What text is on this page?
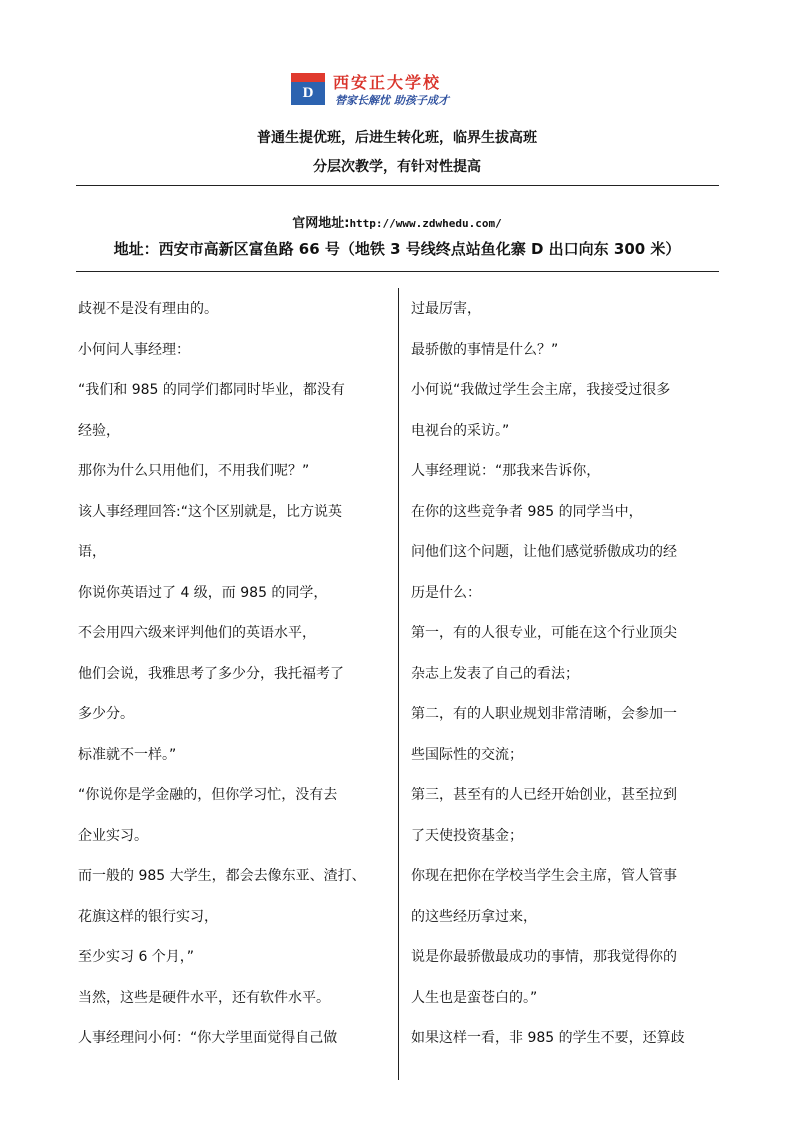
D
西安正大学校
替家长解忧 助孩子成才
普通生提优班，后进生转化班，临界生拔高班
分层次教学，有针对性提高
官网地址:http://www.zdwhedu.com/
地址：西安市高新区富鱼路 66 号（地铁 3 号线终点站鱼化寨 D 出口向东 300 米）

歧视不是没有理由的。

小何问人事经理：

“我们和 985 的同学们都同时毕业，都没有

经验，

那你为什么只用他们，不用我们呢？”

该人事经理回答:“这个区别就是，比方说英

语，

你说你英语过了 4 级，而 985 的同学，

不会用四六级来评判他们的英语水平，

他们会说，我雅思考了多少分，我托福考了

多少分。

标准就不一样。”

“你说你是学金融的，但你学习忙，没有去

企业实习。

而一般的 985 大学生，都会去像东亚、渣打、

花旗这样的银行实习，

至少实习 6 个月，”

当然，这些是硬件水平，还有软件水平。

人事经理问小何：“你大学里面觉得自己做

过最厉害，

最骄傲的事情是什么？”

小何说“我做过学生会主席，我接受过很多

电视台的采访。”

人事经理说：“那我来告诉你，

在你的这些竞争者 985 的同学当中，

问他们这个问题，让他们感觉骄傲成功的经

历是什么：

第一，有的人很专业，可能在这个行业顶尖

杂志上发表了自己的看法；

第二，有的人职业规划非常清晰，会参加一

些国际性的交流；

第三，甚至有的人已经开始创业，甚至拉到

了天使投资基金；

你现在把你在学校当学生会主席，管人管事

的这些经历拿过来，

说是你最骄傲最成功的事情，那我觉得你的

人生也是蛮苍白的。”

如果这样一看，非 985 的学生不要，还算歧
